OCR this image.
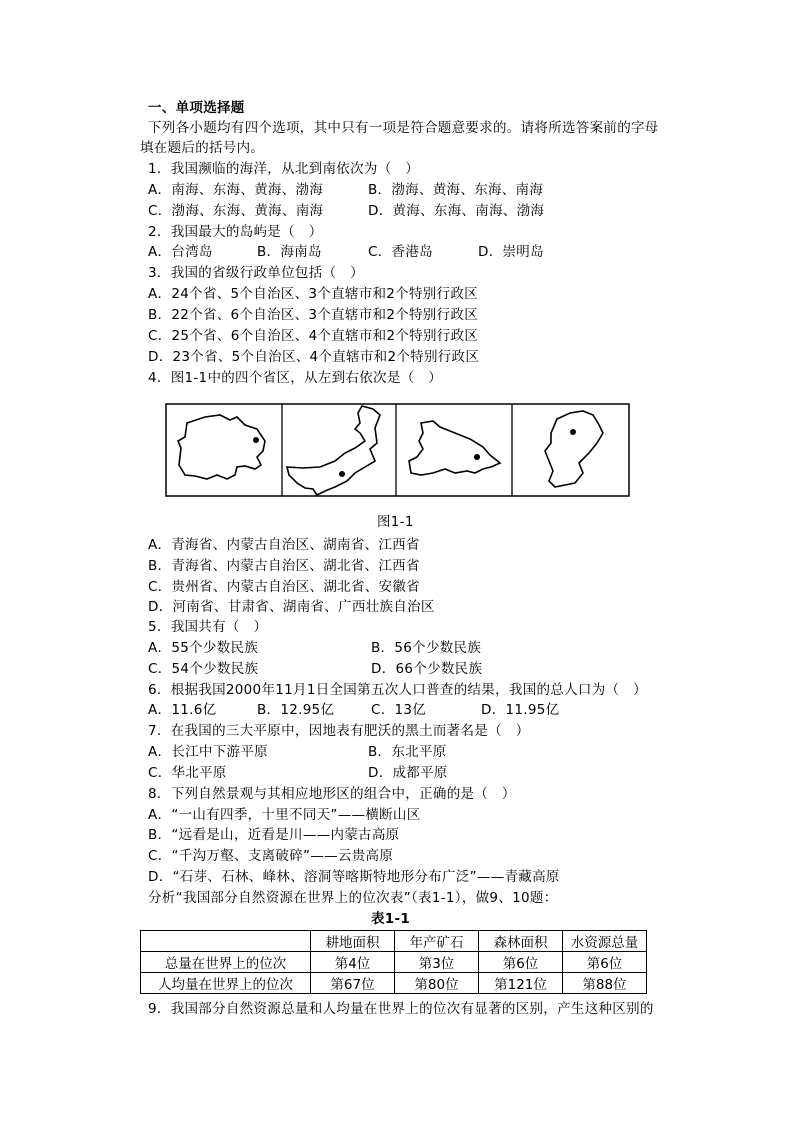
一、单项选择题
下列各小题均有四个选项，其中只有一项是符合题意要求的。请将所选答案前的字母
填在题后的括号内。
1．我国濒临的海洋，从北到南依次为（　）
A．南海、东海、黄海、渤海	B．渤海、黄海、东海、南海
C．渤海、东海、黄海、南海	D．黄海、东海、南海、渤海
2．我国最大的岛屿是（　）
A．台湾岛	B．海南岛	C．香港岛	D．崇明岛
3．我国的省级行政单位包括（　）
A．24个省、5个自治区、3个直辖市和2个特别行政区
B．22个省、6个自治区、3个直辖市和2个特别行政区
C．25个省、6个自治区、4个直辖市和2个特别行政区
D．23个省、5个自治区、4个直辖市和2个特别行政区
4．图1-1中的四个省区，从左到右依次是（　）
图1-1
A．青海省、内蒙古自治区、湖南省、江西省
B．青海省、内蒙古自治区、湖北省、江西省
C．贵州省、内蒙古自治区、湖北省、安徽省
D．河南省、甘肃省、湖南省、广西壮族自治区
5．我国共有（　）
A．55个少数民族	B．56个少数民族
C．54个少数民族	D．66个少数民族
6．根据我国2000年11月1日全国第五次人口普查的结果，我国的总人口为（　）
A．11.6亿	B．12.95亿	C．13亿	D．11.95亿
7．在我国的三大平原中，因地表有肥沃的黑土而著名是（　）
A．长江中下游平原	B．东北平原
C．华北平原	D．成都平原
8．下列自然景观与其相应地形区的组合中，正确的是（　）
A．“一山有四季，十里不同天”——横断山区
B．“远看是山，近看是川——内蒙古高原
C．“千沟万壑、支离破碎”——云贵高原
D．“石芽、石林、峰林、溶洞等喀斯特地形分布广泛”——青藏高原
分析“我国部分自然资源在世界上的位次表”（表1-1），做9、10题：
表1-1
	耕地面积	年产矿石	森林面积	水资源总量
总量在世界上的位次	第4位	第3位	第6位	第6位
人均量在世界上的位次	第67位	第80位	第121位	第88位
9．我国部分自然资源总量和人均量在世界上的位次有显著的区别，产生这种区别的
